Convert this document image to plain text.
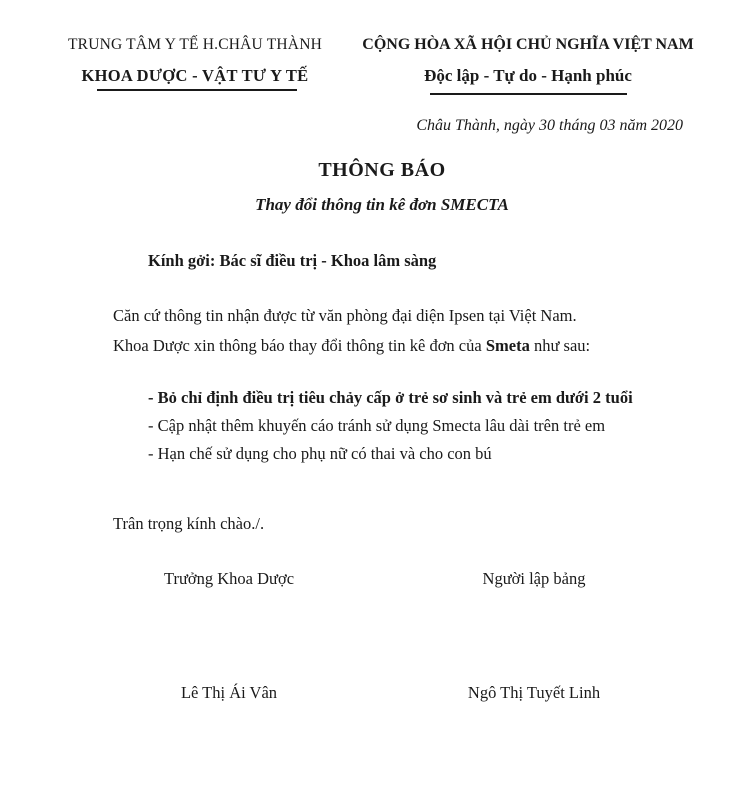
TRUNG TÂM Y TẾ H.CHÂU THÀNH
KHOA DƯỢC - VẬT TƯ Y TẾ
CỘNG HÒA XÃ HỘI CHỦ NGHĨA VIỆT NAM
Độc lập - Tự do - Hạnh phúc
Châu Thành, ngày 30 tháng 03 năm 2020
THÔNG BÁO
Thay đổi thông tin kê đơn SMECTA
Kính gởi: Bác sĩ điều trị - Khoa lâm sàng
Căn cứ thông tin nhận được từ văn phòng đại diện Ipsen tại Việt Nam.
Khoa Dược xin thông báo thay đổi thông tin kê đơn của Smeta như sau:
- Bỏ chỉ định điều trị tiêu chảy cấp ở trẻ sơ sinh và trẻ em dưới 2 tuổi
- Cập nhật thêm khuyến cáo tránh sử dụng Smecta lâu dài trên trẻ em
- Hạn chế sử dụng cho phụ nữ có thai và cho con bú
Trân trọng kính chào./.
Trưởng Khoa Dược	Người lập bảng
Lê Thị Ái Vân	Ngô Thị Tuyết Linh
